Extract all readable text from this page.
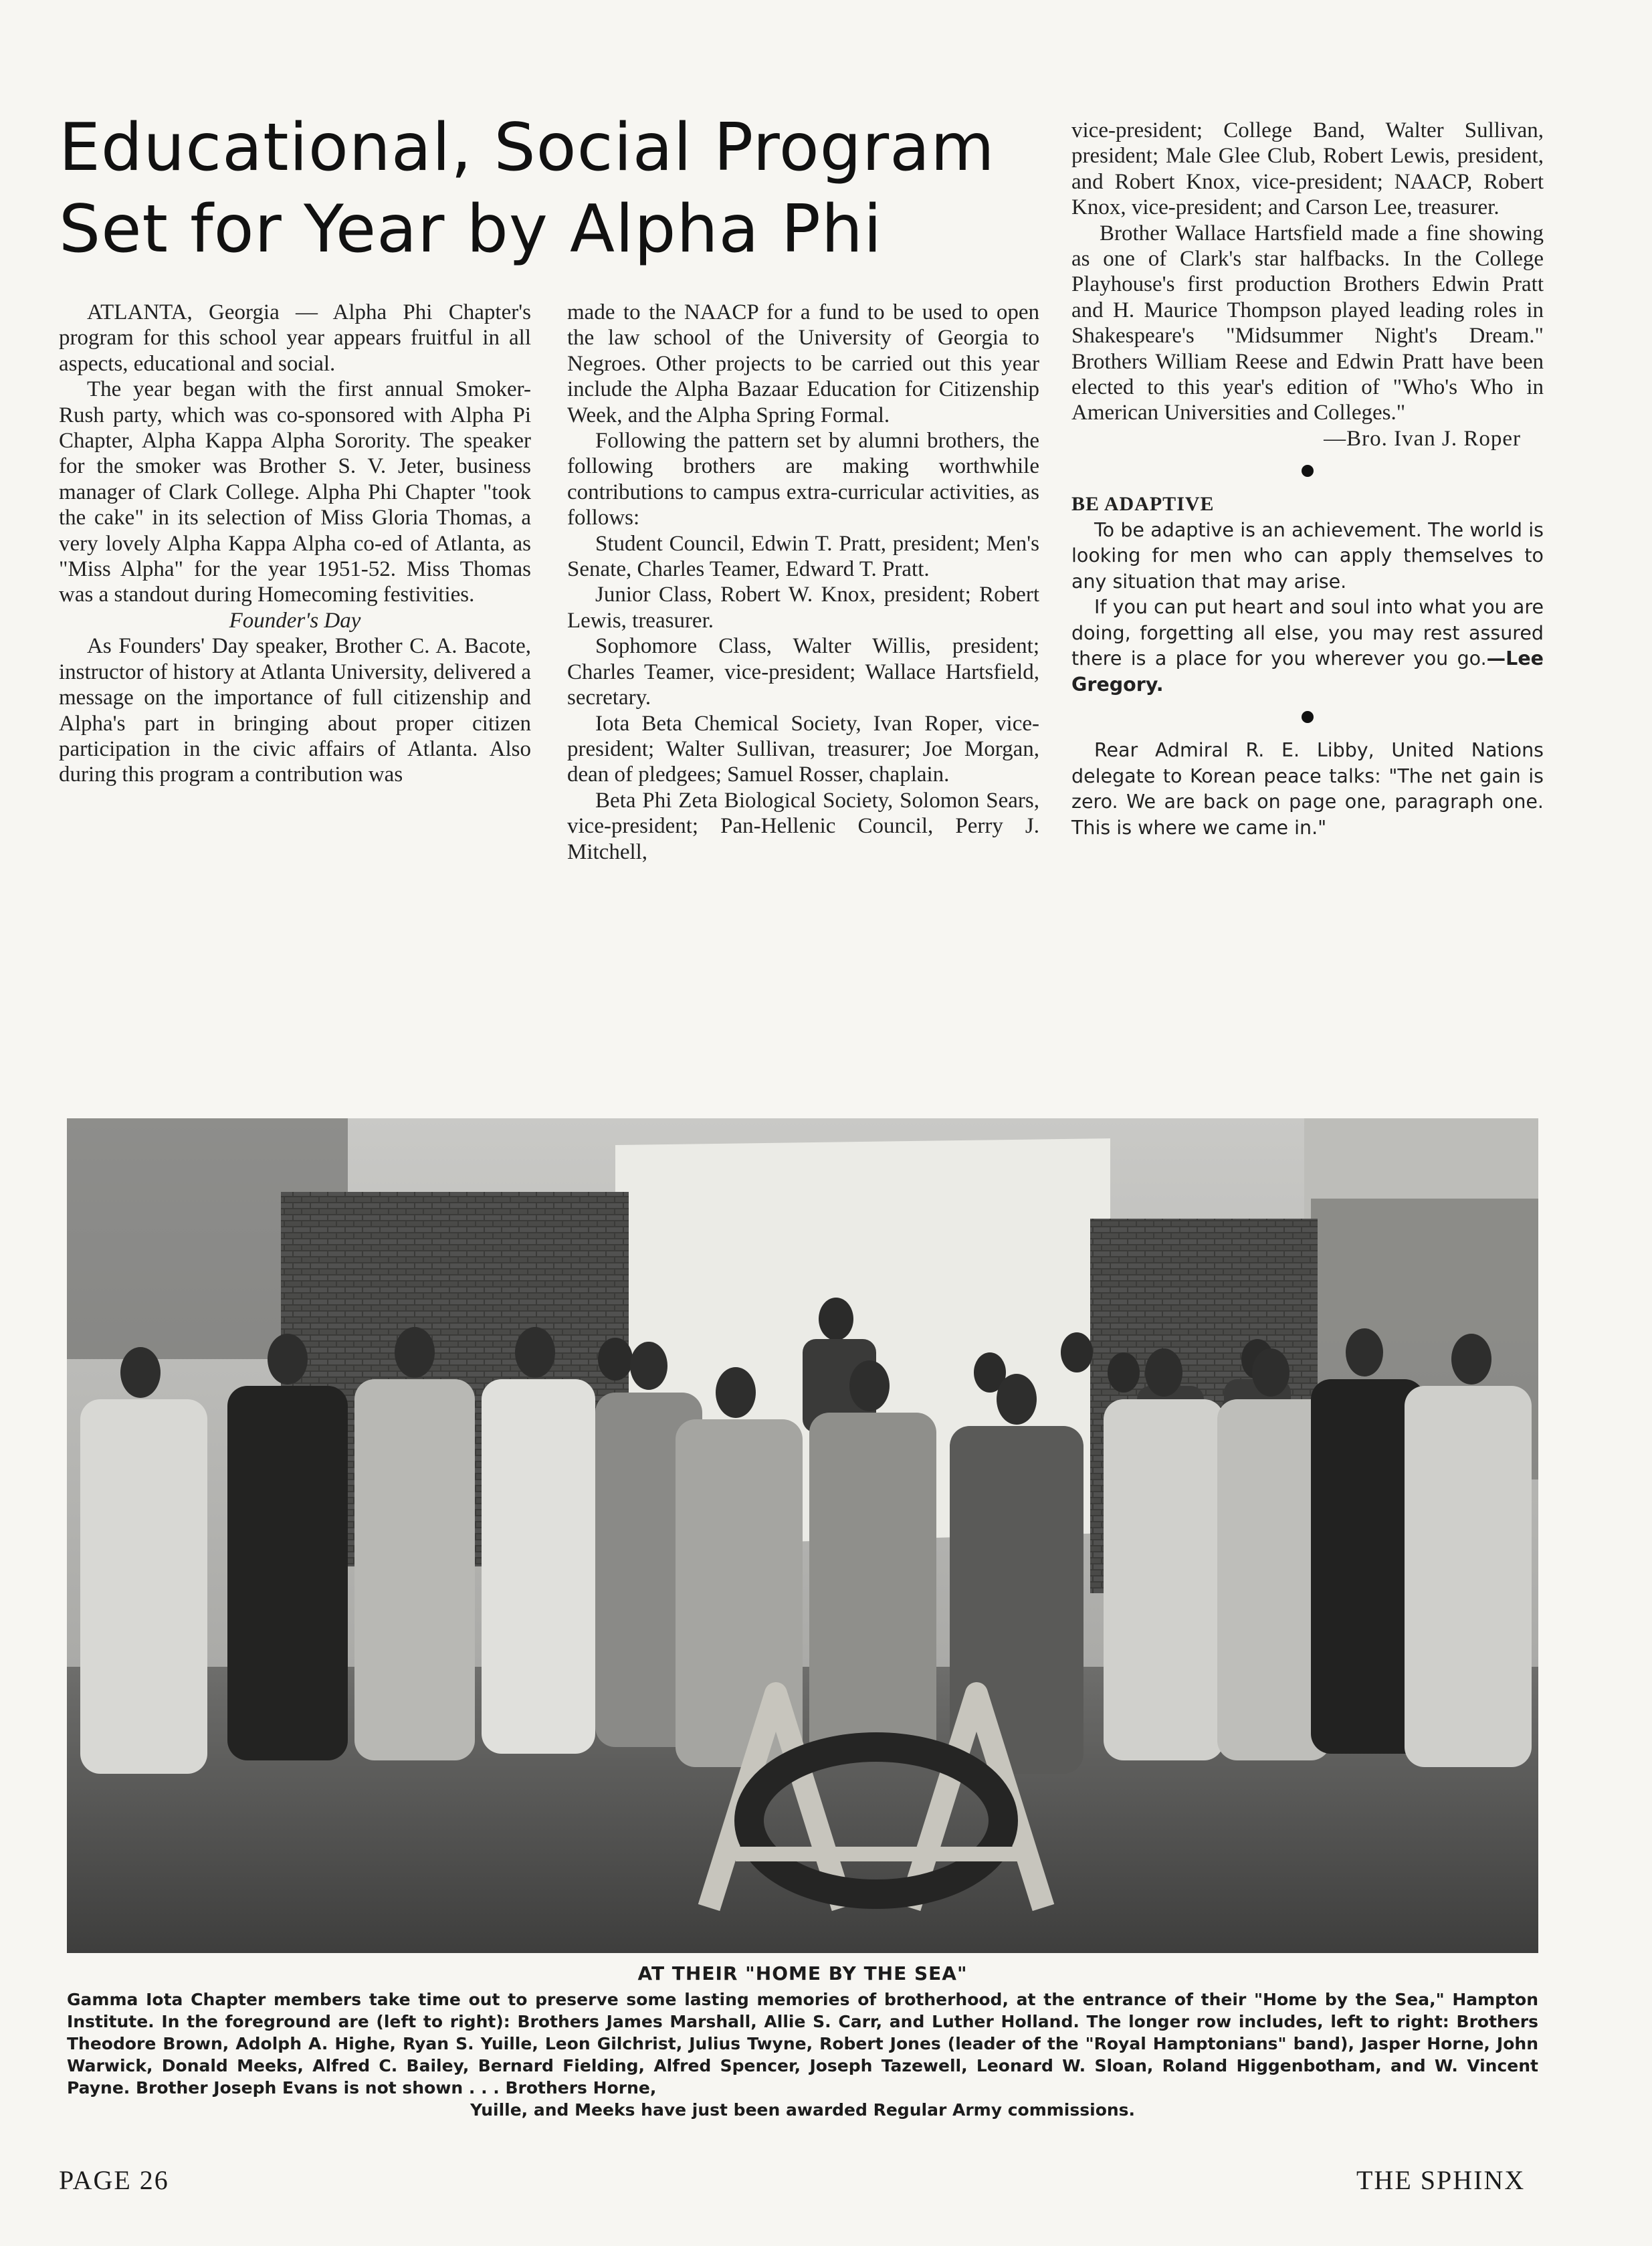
Educational, Social Program
Set for Year by Alpha Phi

ATLANTA, Georgia — Alpha Phi Chapter's program for this school year appears fruitful in all aspects, educational and social.

The year began with the first annual Smoker-Rush party, which was co-sponsored with Alpha Pi Chapter, Alpha Kappa Alpha Sorority. The speaker for the smoker was Brother S. V. Jeter, business manager of Clark College. Alpha Phi Chapter "took the cake" in its selection of Miss Gloria Thomas, a very lovely Alpha Kappa Alpha co-ed of Atlanta, as "Miss Alpha" for the year 1951-52. Miss Thomas was a standout during Homecoming festivities.

Founder's Day

As Founders' Day speaker, Brother C. A. Bacote, instructor of history at Atlanta University, delivered a message on the importance of full citizenship and Alpha's part in bringing about proper citizen participation in the civic affairs of Atlanta. Also during this program a contribution was

made to the NAACP for a fund to be used to open the law school of the University of Georgia to Negroes. Other projects to be carried out this year include the Alpha Bazaar Education for Citizenship Week, and the Alpha Spring Formal.

Following the pattern set by alumni brothers, the following brothers are making worthwhile contributions to campus extra-curricular activities, as follows:

Student Council, Edwin T. Pratt, president; Men's Senate, Charles Teamer, Edward T. Pratt.

Junior Class, Robert W. Knox, president; Robert Lewis, treasurer.

Sophomore Class, Walter Willis, president; Charles Teamer, vice-president; Wallace Hartsfield, secretary.

Iota Beta Chemical Society, Ivan Roper, vice-president; Walter Sullivan, treasurer; Joe Morgan, dean of pledgees; Samuel Rosser, chaplain.

Beta Phi Zeta Biological Society, Solomon Sears, vice-president; Pan-Hellenic Council, Perry J. Mitchell,

vice-president; College Band, Walter Sullivan, president; Male Glee Club, Robert Lewis, president, and Robert Knox, vice-president; NAACP, Robert Knox, vice-president; and Carson Lee, treasurer.

Brother Wallace Hartsfield made a fine showing as one of Clark's star halfbacks. In the College Playhouse's first production Brothers Edwin Pratt and H. Maurice Thompson played leading roles in Shakespeare's "Midsummer Night's Dream." Brothers William Reese and Edwin Pratt have been elected to this year's edition of "Who's Who in American Universities and Colleges."

—Bro. Ivan J. Roper

BE ADAPTIVE

To be adaptive is an achievement. The world is looking for men who can apply themselves to any situation that may arise.

If you can put heart and soul into what you are doing, forgetting all else, you may rest assured there is a place for you wherever you go.—Lee Gregory.

Rear Admiral R. E. Libby, United Nations delegate to Korean peace talks: "The net gain is zero. We are back on page one, paragraph one. This is where we came in."

AT THEIR "HOME BY THE SEA"
Gamma Iota Chapter members take time out to preserve some lasting memories of brotherhood, at the entrance of their "Home by the Sea," Hampton Institute. In the foreground are (left to right): Brothers James Marshall, Allie S. Carr, and Luther Holland. The longer row includes, left to right: Brothers Theodore Brown, Adolph A. Highe, Ryan S. Yuille, Leon Gilchrist, Julius Twyne, Robert Jones (leader of the "Royal Hamptonians" band), Jasper Horne, John Warwick, Donald Meeks, Alfred C. Bailey, Bernard Fielding, Alfred Spencer, Joseph Tazewell, Leonard W. Sloan, Roland Higgenbotham, and W. Vincent Payne. Brother Joseph Evans is not shown . . . Brothers Horne,
Yuille, and Meeks have just been awarded Regular Army commissions.
PAGE 26	THE SPHINX
